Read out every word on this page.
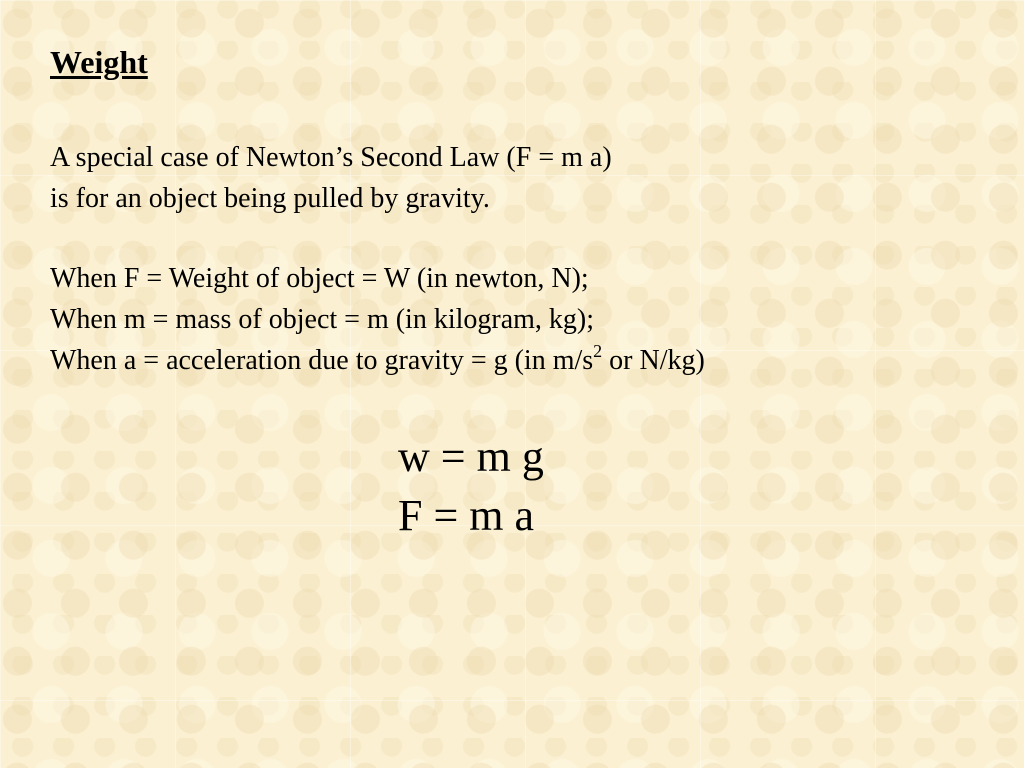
Weight

A special case of Newton’s Second Law (F = m a)
is for an object being pulled by gravity.

When F = Weight of object = W (in newton, N);
When m = mass of object = m (in kilogram, kg);
When a = acceleration due to gravity = g (in $m/s^2$ or N/kg)

w = m g
F = m a
